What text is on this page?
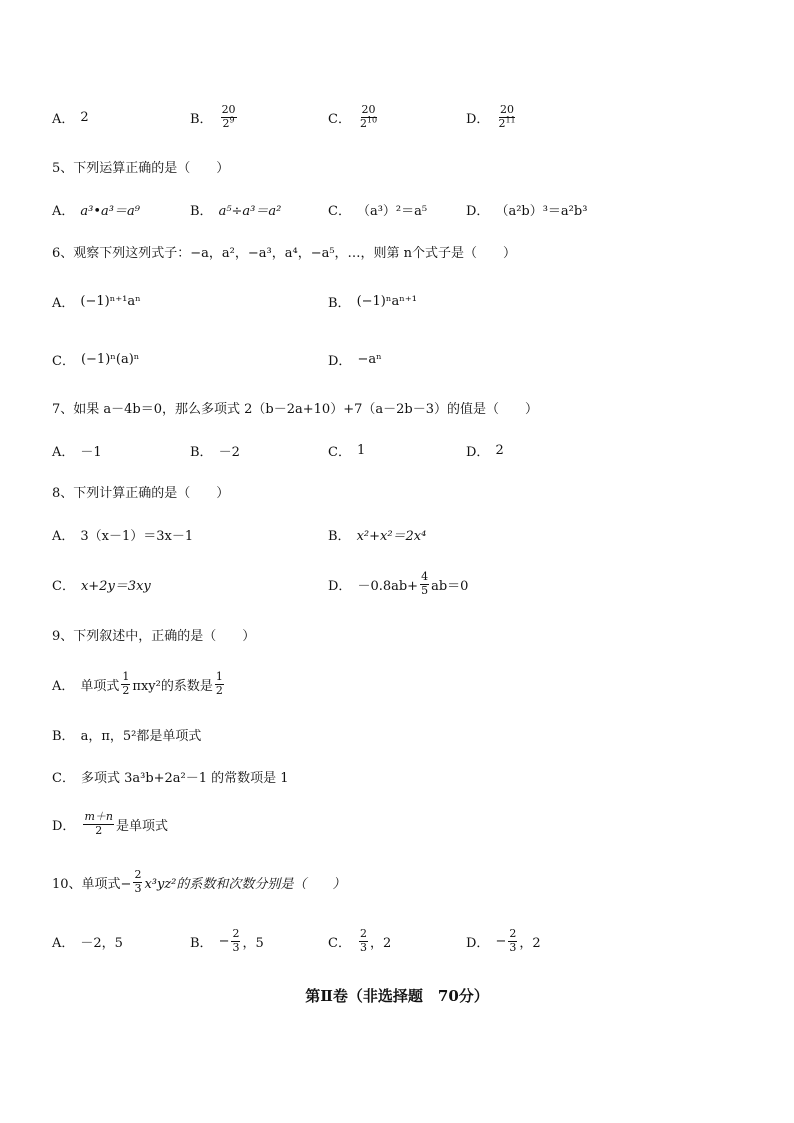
A． 2	B． $\frac{20}{2^9}$	C． $\frac{20}{2^{10}}$	D． $\frac{20}{2^{11}}$
5、下列运算正确的是（　　）
A． a³•a³＝a⁹	B． a⁵÷a³＝a²	C． （a³）²＝a⁵	D． （a²b）³＝a²b³
6、观察下列这列式子：−a，a²，−a³，a⁴，−a⁵，…，则第 n个式子是（　　）
A． (−1)ⁿ⁺¹aⁿ	B． (−1)ⁿaⁿ⁺¹
C． (−1)ⁿ(a)ⁿ	D． −aⁿ
7、如果 a－4b＝0，那么多项式 2（b－2a+10）+7（a－2b－3）的值是（　　）
A． －1	B． －2	C． 1	D． 2
8、下列计算正确的是（　　）
A． 3（x－1）＝3x－1	B． x²+x²＝2x⁴
C． x+2y＝3xy	D． $-0.8ab+ \frac{4}{5} ab=0$
9、下列叙述中，正确的是（　　）
A． 单项式 $\frac{1}{2} \pi xy^2$的系数是 $\frac{1}{2}$
B． a，π，5²都是单项式
C． 多项式 3a³b+2a²－1 的常数项是 1
D． $\frac{m+n}{2}$ 是单项式
10、单项式− $\frac{2}{3} x^3yz^2$的系数和次数分别是（　　）
A． －2，5	B． − $\frac{2}{3}$ ，5	C． $\frac{2}{3}$ ，2	D． − $\frac{2}{3}$ ，2
第Ⅱ卷（非选择题　70分）
